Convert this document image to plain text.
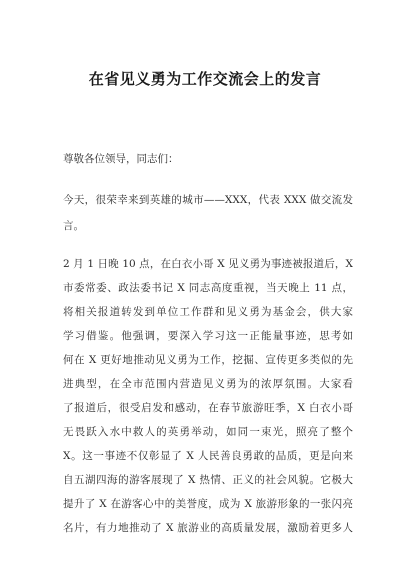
在省见义勇为工作交流会上的发言
尊敬各位领导，同志们：
今天，很荣幸来到英雄的城市——XXX，代表 XXX 做交流发
言。
2 月 1 日晚 10 点，在白衣小哥 X 见义勇为事迹被报道后，X
市委常委、政法委书记 X 同志高度重视，当天晚上 11 点，
将相关报道转发到单位工作群和见义勇为基金会，供大家
学习借鉴。他强调，要深入学习这一正能量事迹，思考如
何在 X 更好地推动见义勇为工作，挖掘、宣传更多类似的先
进典型，在全市范围内营造见义勇为的浓厚氛围。大家看
了报道后，很受启发和感动，在春节旅游旺季，X 白衣小哥
无畏跃入水中救人的英勇举动，如同一束光，照亮了整个
X。这一事迹不仅彰显了 X 人民善良勇敢的品质，更是向来
自五湖四海的游客展现了 X 热情、正义的社会风貌。它极大
提升了 X 在游客心中的美誉度，成为 X 旅游形象的一张闪亮
名片，有力地推动了 X 旅游业的高质量发展，激励着更多人
